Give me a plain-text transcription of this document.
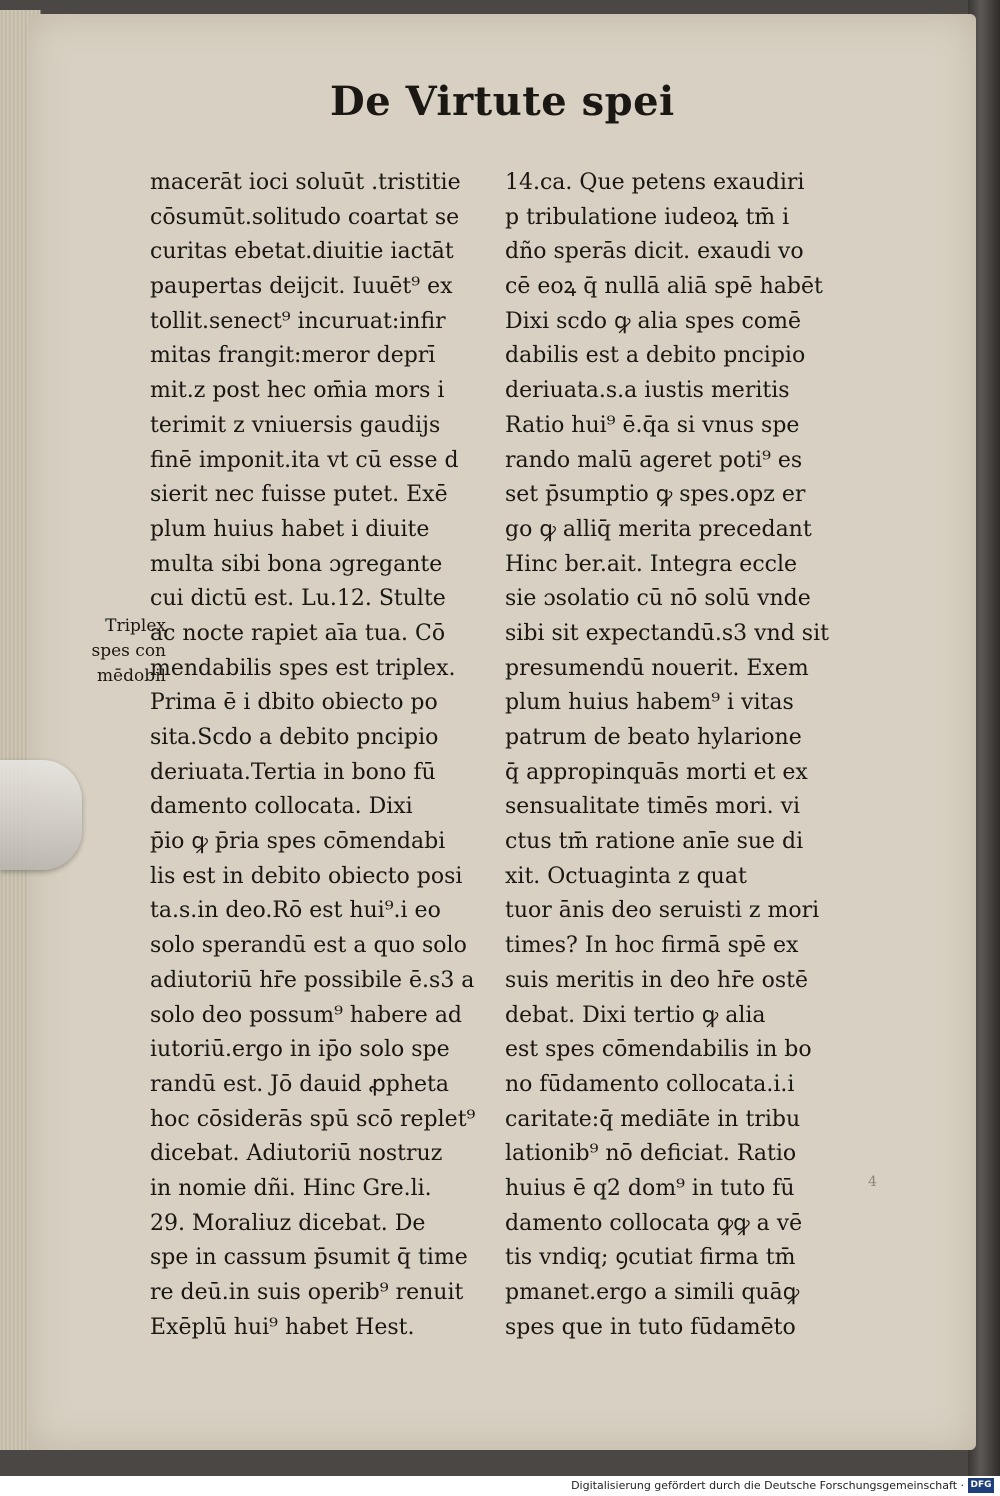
De Virtute spei
macerāt ioci soluūt .tristitie
cōsumūt.solitudo coartat se
curitas ebetat.diuitie iactāt
paupertas deijcit. Iuuēt⁹ ex
tollit.senect⁹ incuruat:infir
mitas frangit:meror deprī
mit.z post hec om̄ia mors i
terimit z vniuersis gaudijs
finē imponit.ita vt cū esse d
sierit nec fuisse putet. Exē
plum huius habet i diuite
multa sibi bona ɔgregante
cui dictū est. Lu.12. Stulte
ac nocte rapiet aīa tua. Cō
mendabilis spes est triplex.
Prima ē i dbito obiecto po
sita.Scdo a debito pncipio
deriuata.Tertia in bono fū
damento collocata. Dixi
p̄io ꝙ p̄ria spes cōmendabi
lis est in debito obiecto posi
ta.s.in deo.Rō est hui⁹.i eo
solo sperandū est a quo solo
adiutoriū hr̄e possibile ē.s3 a
solo deo possum⁹ habere ad
iutoriū.ergo in ip̄o solo spe
randū est. Jō dauid ꝓpheta
hoc cōsiderās spū scō replet⁹
dicebat. Adiutoriū nostruz
in nomie dñi. Hinc Gre.li.
29. Moraliuz dicebat. De
spe in cassum p̄sumit q̄ time
re deū.in suis operib⁹ renuit
Exēplū hui⁹ habet Hest.
14.ca. Que petens exaudiri
p tribulatione iudeoꝝ tm̄ i
dño sperās dicit. exaudi vo
cē eoꝝ q̄ nullā aliā spē habēt
Dixi scdo ꝙ alia spes comē
dabilis est a debito pncipio
deriuata.s.a iustis meritis
Ratio hui⁹ ē.q̄a si vnus spe
rando malū ageret poti⁹ es
set p̄sumptio ꝙ spes.opz er
go ꝙ alliq̄ merita precedant
Hinc ber.ait. Integra eccle
sie ɔsolatio cū nō solū vnde
sibi sit expectandū.s3 vnd sit
presumendū nouerit. Exem
plum huius habem⁹ i vitas
patrum de beato hylarione
q̄ appropinquās morti et ex
sensualitate timēs mori. vi
ctus tm̄ ratione anīe sue di
xit. Octuaginta z quat
tuor ānis deo seruisti z mori
times? In hoc firmā spē ex
suis meritis in deo hr̄e ostē
debat. Dixi tertio ꝙ alia
est spes cōmendabilis in bo
no fūdamento collocata.i.i
caritate:q̄ mediāte in tribu
lationib⁹ nō deficiat. Ratio
huius ē q2 dom⁹ in tuto fū
damento collocata ꝙꝙ a vē
tis vndiq; ꝯcutiat firma tm̄
pmanet.ergo a simili quāꝙ
spes que in tuto fūdamēto
Triplex
spes con
mēdobil
4
Digitalisierung gefördert durch die Deutsche Forschungsgemeinschaft · DFG
